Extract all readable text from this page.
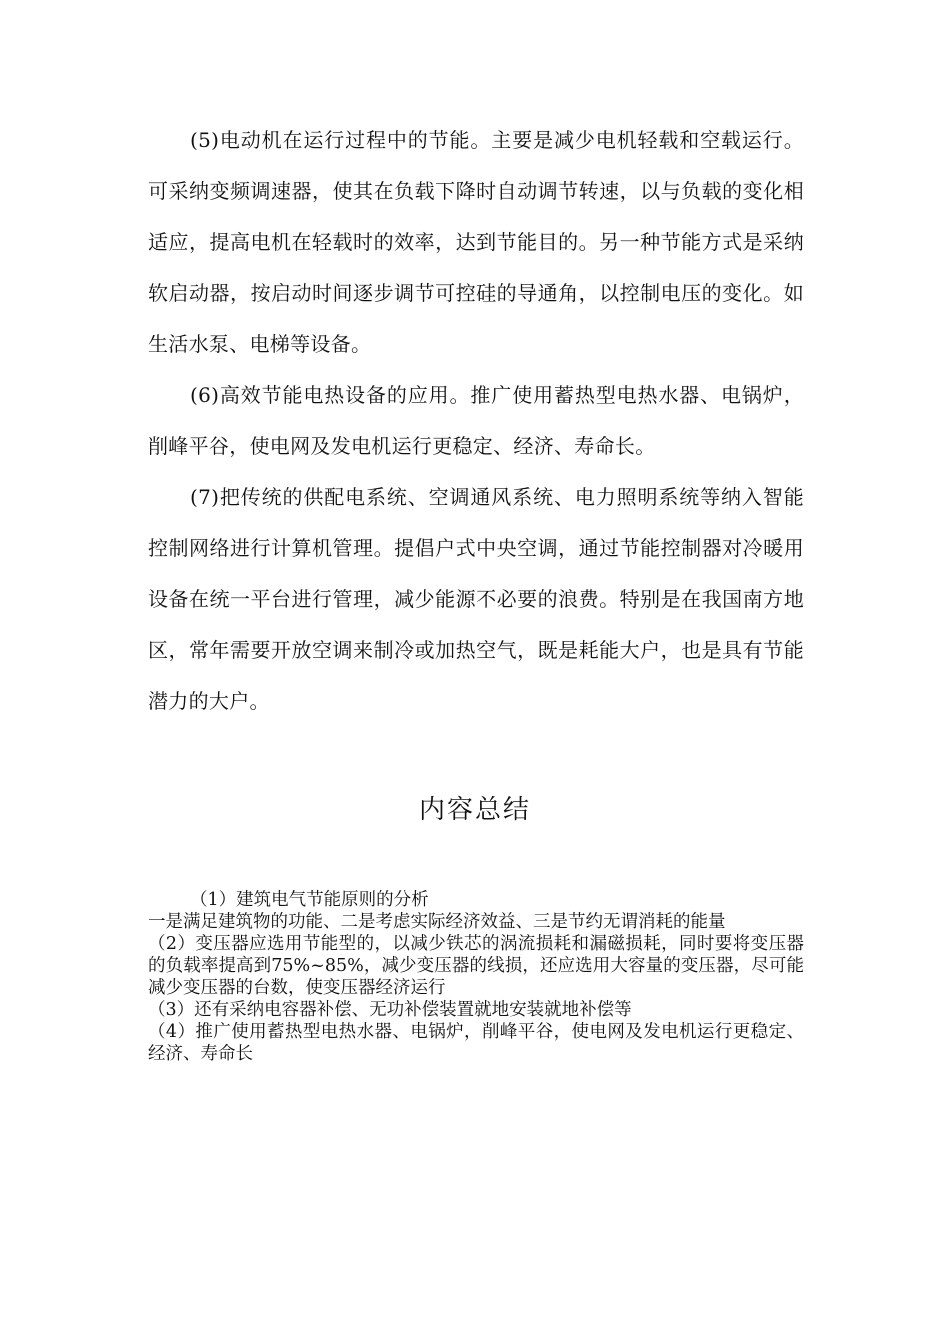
(5)电动机在运行过程中的节能。主要是减少电机轻载和空载运行。可采纳变频调速器，使其在负载下降时自动调节转速，以与负载的变化相适应，提高电机在轻载时的效率，达到节能目的。另一种节能方式是采纳软启动器，按启动时间逐步调节可控硅的导通角，以控制电压的变化。如生活水泵、电梯等设备。

(6)高效节能电热设备的应用。推广使用蓄热型电热水器、电锅炉，削峰平谷，使电网及发电机运行更稳定、经济、寿命长。

(7)把传统的供配电系统、空调通风系统、电力照明系统等纳入智能控制网络进行计算机管理。提倡户式中央空调，通过节能控制器对冷暖用设备在统一平台进行管理，减少能源不必要的浪费。特别是在我国南方地区，常年需要开放空调来制冷或加热空气，既是耗能大户，也是具有节能潜力的大户。

内容总结

（1）建筑电气节能原则的分析

一是满足建筑物的功能、二是考虑实际经济效益、三是节约无谓消耗的能量

（2）变压器应选用节能型的，以减少铁芯的涡流损耗和漏磁损耗，同时要将变压器的负载率提高到75%~85%，减少变压器的线损，还应选用大容量的变压器，尽可能减少变压器的台数，使变压器经济运行

（3）还有采纳电容器补偿、无功补偿装置就地安装就地补偿等

（4）推广使用蓄热型电热水器、电锅炉，削峰平谷，使电网及发电机运行更稳定、经济、寿命长
